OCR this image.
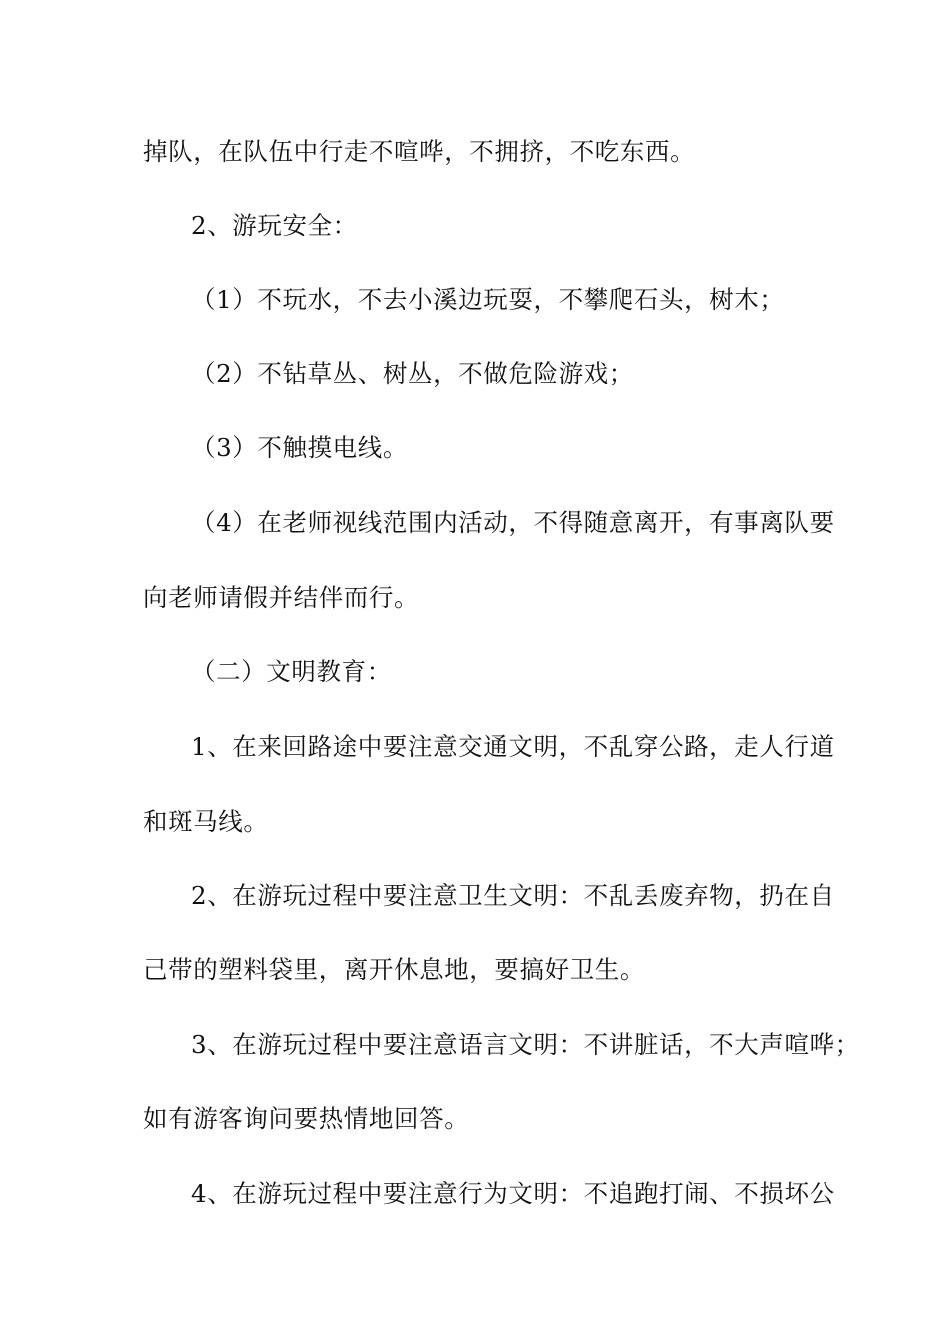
掉队，在队伍中行走不喧哗，不拥挤，不吃东西。
2、游玩安全：
（1）不玩水，不去小溪边玩耍，不攀爬石头，树木；
（2）不钻草丛、树丛，不做危险游戏；
（3）不触摸电线。
（4）在老师视线范围内活动，不得随意离开，有事离队要
向老师请假并结伴而行。
（二）文明教育：
1、在来回路途中要注意交通文明，不乱穿公路，走人行道
和斑马线。
2、在游玩过程中要注意卫生文明：不乱丢废弃物，扔在自
己带的塑料袋里，离开休息地，要搞好卫生。
3、在游玩过程中要注意语言文明：不讲脏话，不大声喧哗；
如有游客询问要热情地回答。
4、在游玩过程中要注意行为文明：不追跑打闹、不损坏公
